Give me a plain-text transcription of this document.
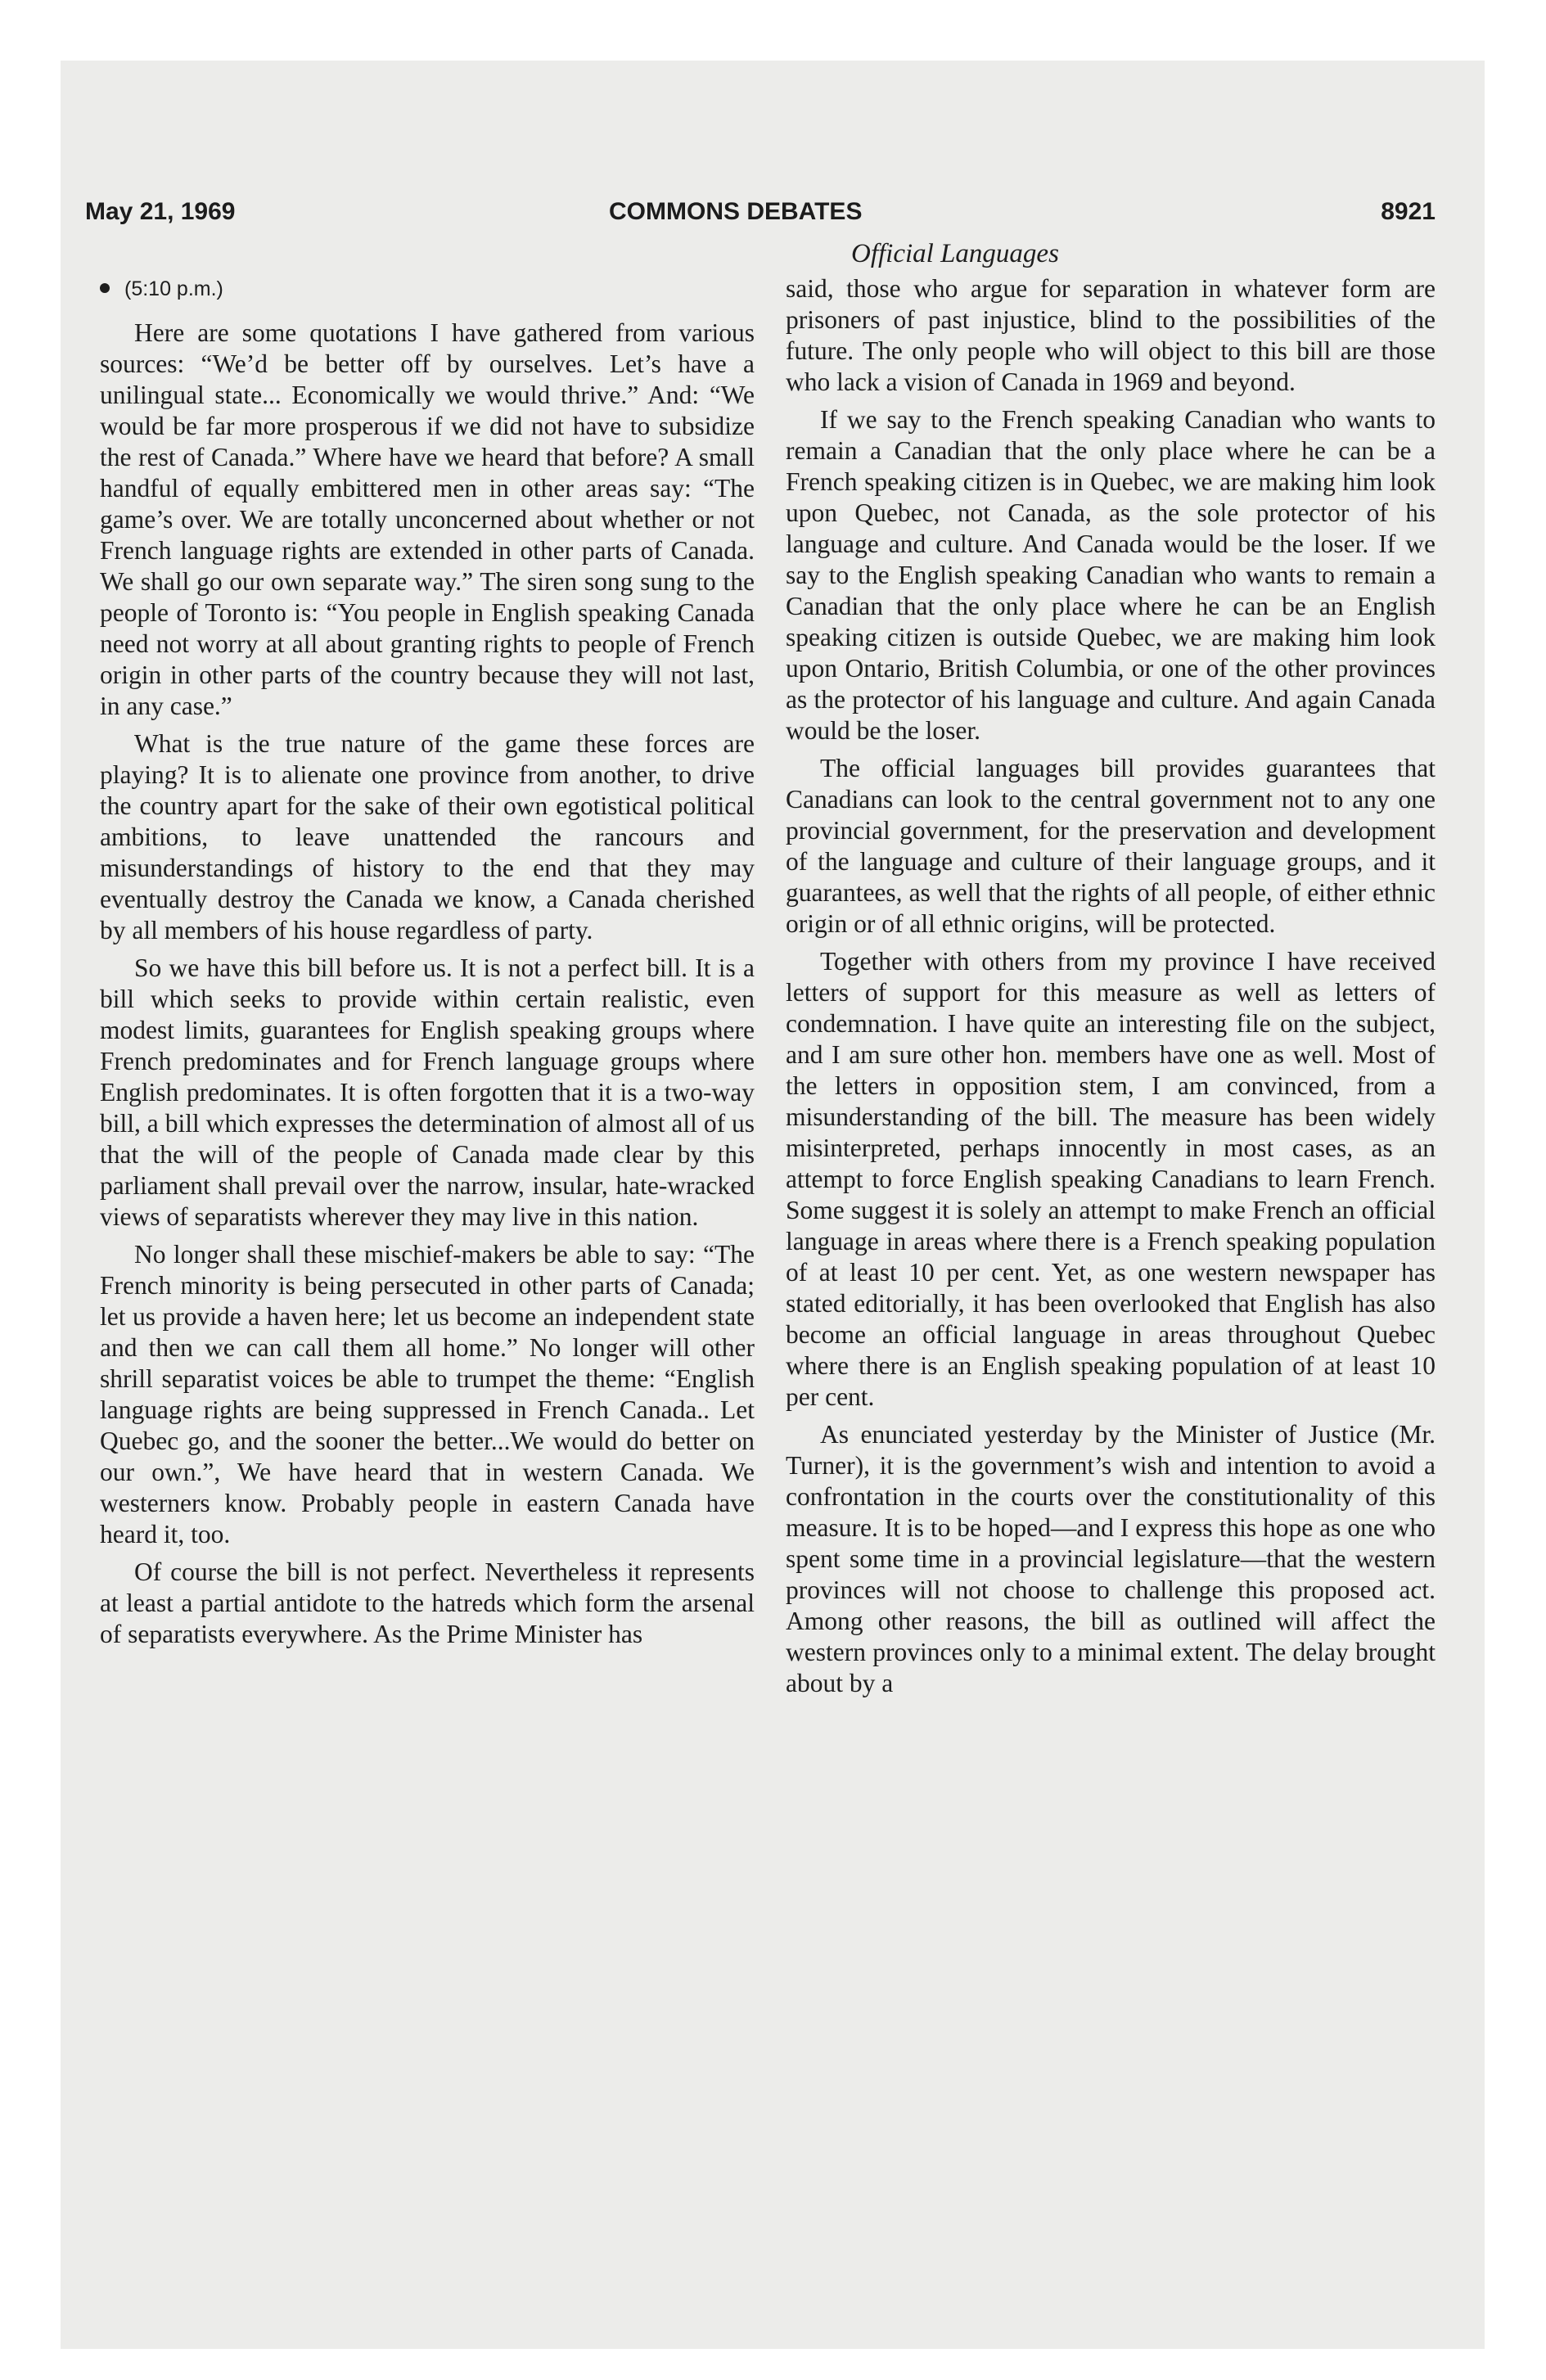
May 21, 1969	COMMONS DEBATES	8921
Official Languages
(5:10 p.m.)

Here are some quotations I have gathered from various sources: “We’d be better off by ourselves. Let’s have a unilingual state... Economically we would thrive.” And: “We would be far more prosperous if we did not have to subsidize the rest of Canada.” Where have we heard that before? A small handful of equally embittered men in other areas say: “The game’s over. We are totally unconcerned about whether or not French language rights are extended in other parts of Canada. We shall go our own separate way.” The siren song sung to the people of Toronto is: “You people in English speaking Canada need not worry at all about granting rights to people of French origin in other parts of the country because they will not last, in any case.”

What is the true nature of the game these forces are playing? It is to alienate one province from another, to drive the country apart for the sake of their own egotistical political ambitions, to leave unattended the rancours and misunderstandings of history to the end that they may eventually destroy the Canada we know, a Canada cherished by all members of his house regardless of party.

So we have this bill before us. It is not a perfect bill. It is a bill which seeks to provide within certain realistic, even modest limits, guarantees for English speaking groups where French predominates and for French language groups where English predominates. It is often forgotten that it is a two-way bill, a bill which expresses the determination of almost all of us that the will of the people of Canada made clear by this parliament shall prevail over the narrow, insular, hate-wracked views of separatists wherever they may live in this nation.

No longer shall these mischief-makers be able to say: “The French minority is being persecuted in other parts of Canada; let us provide a haven here; let us become an independent state and then we can call them all home.” No longer will other shrill separatist voices be able to trumpet the theme: “English language rights are being suppressed in French Canada.. Let Quebec go, and the sooner the better...We would do better on our own.”, We have heard that in western Canada. We westerners know. Probably people in eastern Canada have heard it, too.

Of course the bill is not perfect. Nevertheless it represents at least a partial antidote to the hatreds which form the arsenal of separatists everywhere. As the Prime Minister has

said, those who argue for separation in whatever form are prisoners of past injustice, blind to the possibilities of the future. The only people who will object to this bill are those who lack a vision of Canada in 1969 and beyond.

If we say to the French speaking Canadian who wants to remain a Canadian that the only place where he can be a French speaking citizen is in Quebec, we are making him look upon Quebec, not Canada, as the sole protector of his language and culture. And Canada would be the loser. If we say to the English speaking Canadian who wants to remain a Canadian that the only place where he can be an English speaking citizen is outside Quebec, we are making him look upon Ontario, British Columbia, or one of the other provinces as the protector of his language and culture. And again Canada would be the loser.

The official languages bill provides guarantees that Canadians can look to the central government not to any one provincial government, for the preservation and development of the language and culture of their language groups, and it guarantees, as well that the rights of all people, of either ethnic origin or of all ethnic origins, will be protected.

Together with others from my province I have received letters of support for this measure as well as letters of condemnation. I have quite an interesting file on the subject, and I am sure other hon. members have one as well. Most of the letters in opposition stem, I am convinced, from a misunderstanding of the bill. The measure has been widely misinterpreted, perhaps innocently in most cases, as an attempt to force English speaking Canadians to learn French. Some suggest it is solely an attempt to make French an official language in areas where there is a French speaking population of at least 10 per cent. Yet, as one western newspaper has stated editorially, it has been overlooked that English has also become an official language in areas throughout Quebec where there is an English speaking population of at least 10 per cent.

As enunciated yesterday by the Minister of Justice (Mr. Turner), it is the government’s wish and intention to avoid a confrontation in the courts over the constitutionality of this measure. It is to be hoped—and I express this hope as one who spent some time in a provincial legislature—that the western provinces will not choose to challenge this proposed act. Among other reasons, the bill as outlined will affect the western provinces only to a minimal extent. The delay brought about by a
